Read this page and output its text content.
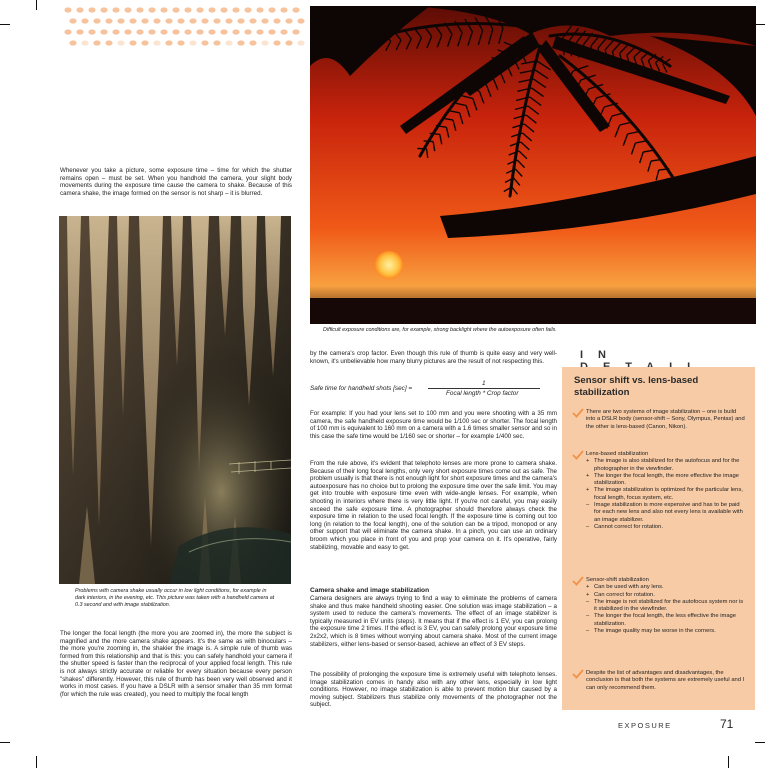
Whenever you take a picture, some exposure time – time for which the shutter remains open – must be set. When you handhold the camera, your slight body movements during the exposure time cause the camera to shake. Because of this camera shake, the image formed on the sensor is not sharp – it is blurred.

Problems with camera shake usually occur in low light conditions, for example in dark interiors, in the evening, etc. This picture was taken with a handheld camera at 0.3 second and with image stabilization.

The longer the focal length (the more you are zoomed in), the more the subject is magnified and the more camera shake appears. It's the same as with binoculars – the more you're zooming in, the shakier the image is. A simple rule of thumb was formed from this relationship and that is this: you can safely handhold your camera if the shutter speed is faster than the reciprocal of your applied focal length. This rule is not always strictly accurate or reliable for every situation because every person "shakes" differently. However, this rule of thumb has been very well observed and it works in most cases. If you have a DSLR with a sensor smaller than 35 mm format (for which the rule was created), you need to multiply the focal length

Difficult exposure conditions are, for example, strong backlight where the autoexposure often fails.

by the camera's crop factor. Even though this rule of thumb is quite easy and very well-known, it's unbelievable how many blurry pictures are the result of not respecting this.

Safe time for handheld shots [sec] =
1
Focal length * Crop factor

For example: If you had your lens set to 100 mm and you were shooting with a 35 mm camera, the safe handheld exposure time would be 1/100 sec or shorter. The focal length of 100 mm is equivalent to 160 mm on a camera with a 1.6 times smaller sensor and so in this case the safe time would be 1/160 sec or shorter – for example 1/400 sec.

From the rule above, it's evident that telephoto lenses are more prone to camera shake. Because of their long focal lengths, only very short exposure times come out as safe. The problem usually is that there is not enough light for short exposure times and the camera's autoexposure has no choice but to prolong the exposure time over the safe limit. You may get into trouble with exposure time even with wide-angle lenses. For example, when shooting in interiors where there is very little light. If you're not careful, you may easily exceed the safe exposure time. A photographer should therefore always check the exposure time in relation to the used focal length. If the exposure time is coming out too long (in relation to the focal length), one of the solution can be a tripod, monopod or any other support that will eliminate the camera shake. In a pinch, you can use an ordinary broom which you place in front of you and prop your camera on it. It's operative, fairly stabilizing, movable and easy to get.

Camera shake and image stabilization

Camera designers are always trying to find a way to eliminate the problems of camera shake and thus make handheld shooting easier. One solution was image stabilization – a system used to reduce the camera's movements. The effect of an image stabilizer is typically measured in EV units (steps). It means that if the effect is 1 EV, you can prolong the exposure time 2 times. If the effect is 3 EV, you can safely prolong your exposure time 2x2x2, which is 8 times without worrying about camera shake. Most of the current image stabilizers, either lens-based or sensor-based, achieve an effect of 3 EV steps.

The possibility of prolonging the exposure time is extremely useful with telephoto lenses. Image stabilization comes in handy also with any other lens, especially in low light conditions. However, no image stabilization is able to prevent motion blur caused by a moving subject. Stabilizers thus stabilize only movements of the photographer not the subject.

IN

Sensor shift vs. lens-based stabilization

There are two systems of image stabilization – one is build into a DSLR body (sensor-shift – Sony, Olympus, Pentax) and the other is lens-based (Canon, Nikon).
Lens-based stabilization
+ The image is also stabilized for the autofocus and for the photographer in the viewfinder.
+ The longer the focal length, the more effective the image stabilization.
+ The image stabilization is optimized for the particular lens, focal length, focus system, etc.
– Image stabilization is more expensive and has to be paid for each new lens and also not every lens is available with an image stabilizer.
– Cannot correct for rotation.
Sensor-shift stabilization
+ Can be used with any lens.
+ Can correct for rotation.
– The image is not stabilized for the autofocus system nor is it stabilized in the viewfinder.
– The longer the focal length, the less effective the image stabilization.
– The image quality may be worse in the corners.
Despite the list of advantages and disadvantages, the conclusion is that both the systems are extremely useful and I can only recommend them.
EXPOSURE	71
